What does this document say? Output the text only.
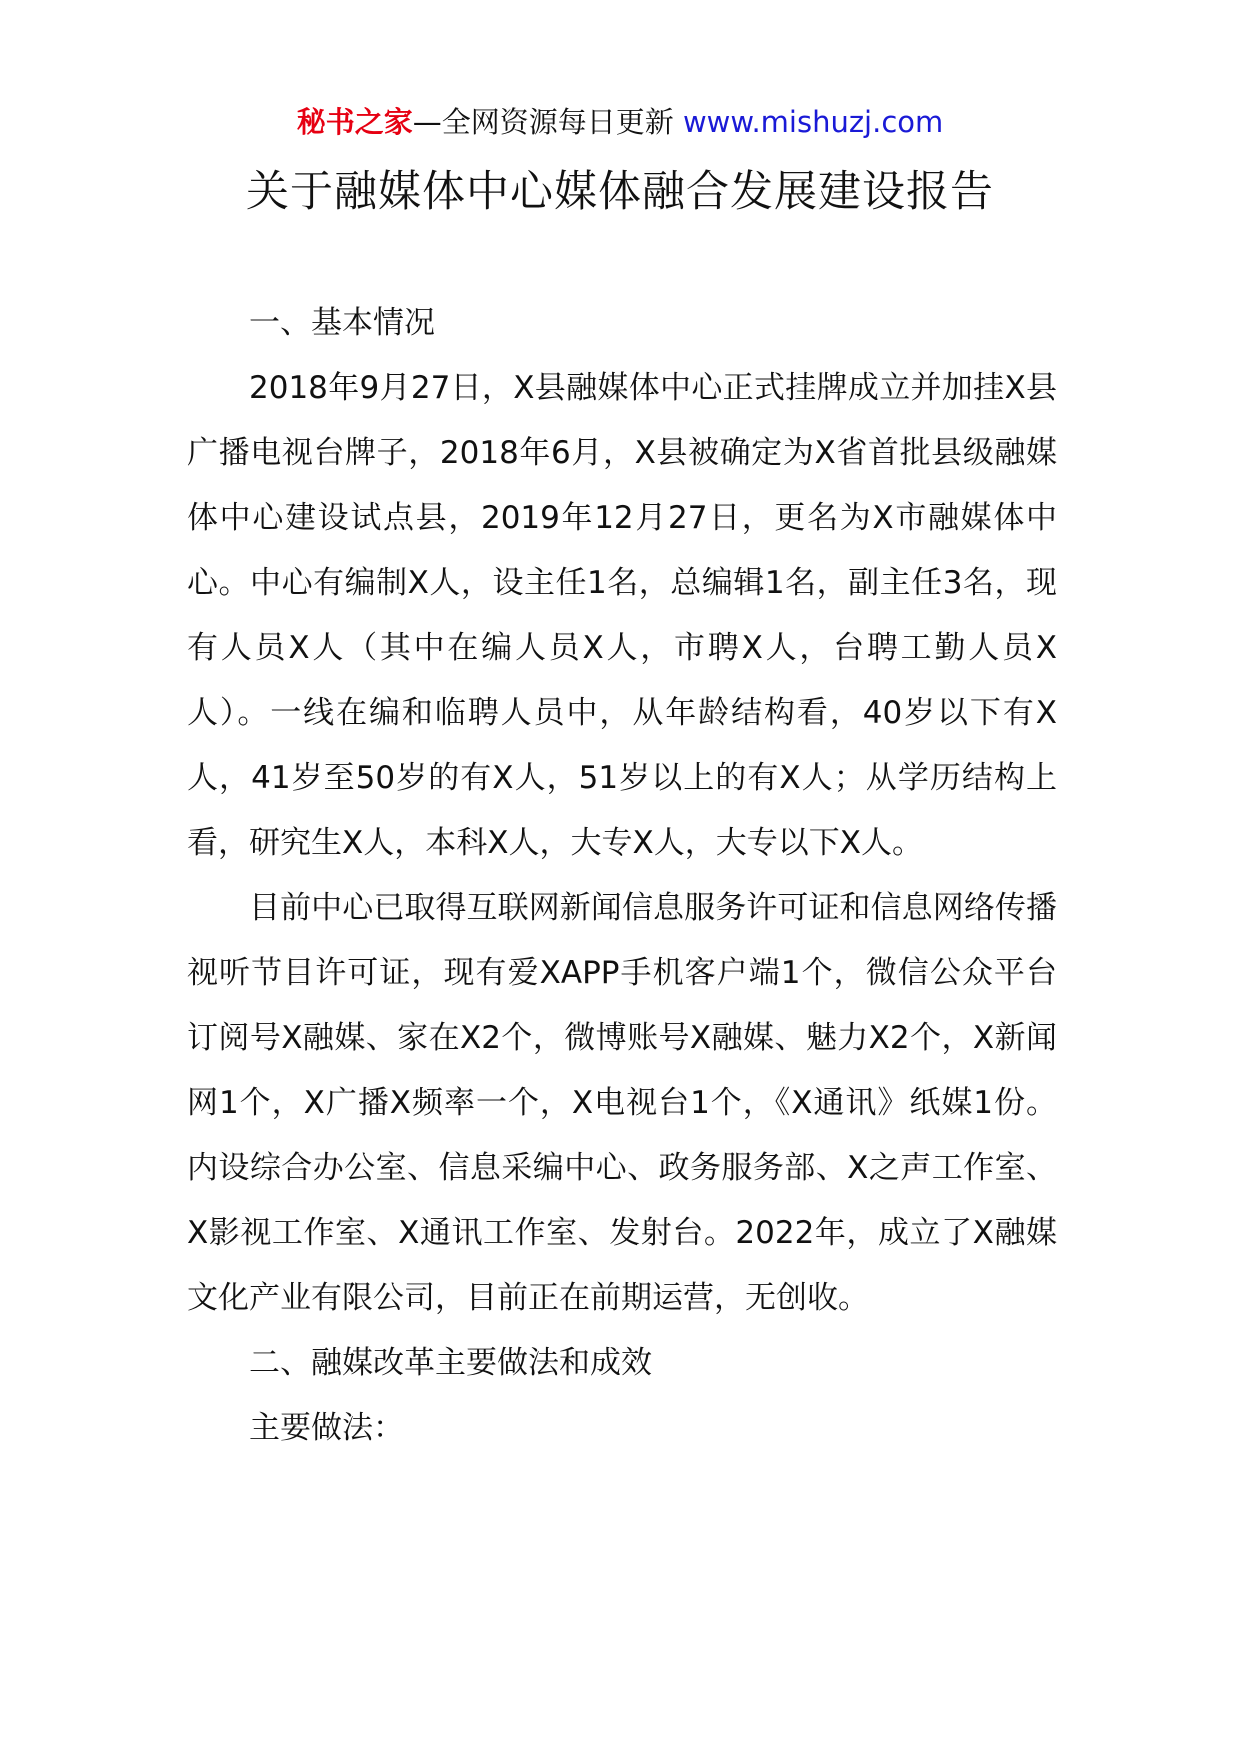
秘书之家—全网资源每日更新 www.mishuzj.com
关于融媒体中心媒体融合发展建设报告

一、基本情况

2018年9月27日，X县融媒体中心正式挂牌成立并加挂X县广播电视台牌子，2018年6月，X县被确定为X省首批县级融媒体中心建设试点县，2019年12月27日，更名为X市融媒体中心。中心有编制X人，设主任1名，总编辑1名，副主任3名，现有人员X人（其中在编人员X人，市聘X人，台聘工勤人员X人）。一线在编和临聘人员中，从年龄结构看，40岁以下有X人，41岁至50岁的有X人，51岁以上的有X人；从学历结构上看，研究生X人，本科X人，大专X人，大专以下X人。

目前中心已取得互联网新闻信息服务许可证和信息网络传播视听节目许可证，现有爱XAPP手机客户端1个，微信公众平台订阅号X融媒、家在X2个，微博账号X融媒、魅力X2个，X新闻网1个，X广播X频率一个，X电视台1个，《X通讯》纸媒1份。内设综合办公室、信息采编中心、政务服务部、X之声工作室、X影视工作室、X通讯工作室、发射台。2022年，成立了X融媒文化产业有限公司，目前正在前期运营，无创收。

二、融媒改革主要做法和成效

主要做法：
